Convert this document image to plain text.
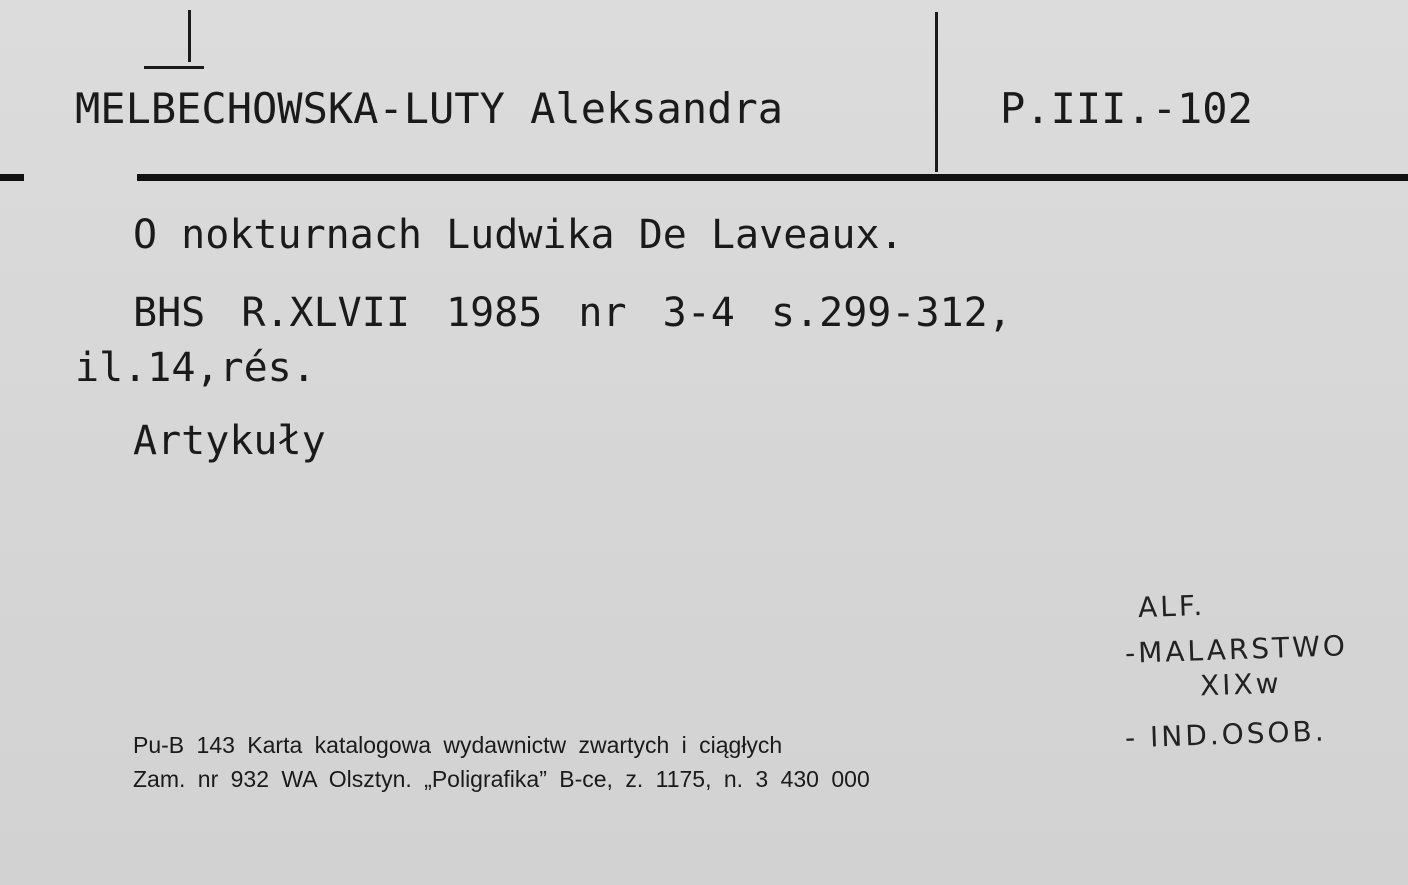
MELBECHOWSKA-LUTY Aleksandra	P.III.-102
O nokturnach Ludwika De Laveaux.
BHS R.XLVII 1985 nr 3-4 s.299-312,
il.14,rés.
Artykuły
ALF.
-MALARSTWO
XIXw
- IND.OSOB.
Pu-B 143 Karta katalogowa wydawnictw zwartych i ciągłych
Zam. nr 932 WA Olsztyn. „Poligrafika” B-ce, z. 1175, n. 3 430 000
